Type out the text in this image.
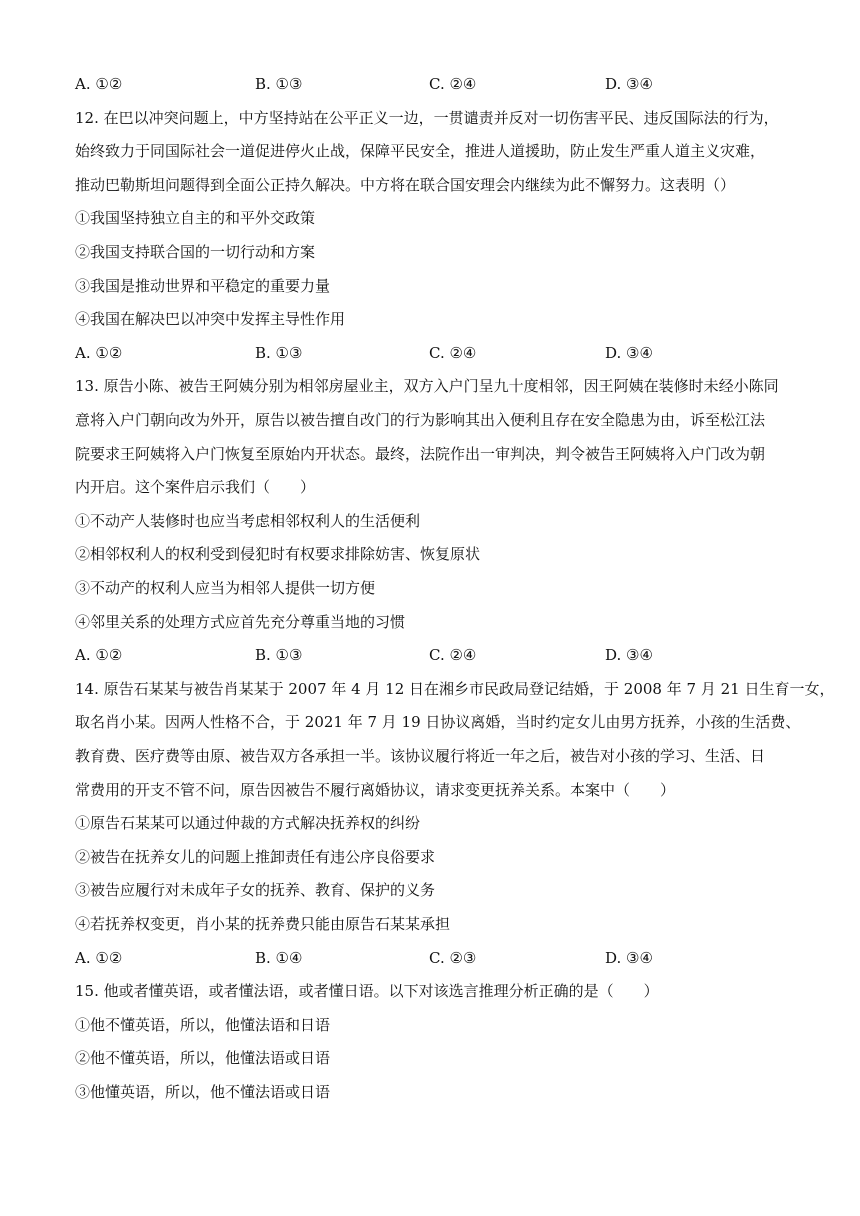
A. ①②	B. ①③	C. ②④	D. ③④
12. 在巴以冲突问题上，中方坚持站在公平正义一边，一贯谴责并反对一切伤害平民、违反国际法的行为，
始终致力于同国际社会一道促进停火止战，保障平民安全，推进人道援助，防止发生严重人道主义灾难，
推动巴勒斯坦问题得到全面公正持久解决。中方将在联合国安理会内继续为此不懈努力。这表明（）
①我国坚持独立自主的和平外交政策
②我国支持联合国的一切行动和方案
③我国是推动世界和平稳定的重要力量
④我国在解决巴以冲突中发挥主导性作用
A. ①②	B. ①③	C. ②④	D. ③④
13. 原告小陈、被告王阿姨分别为相邻房屋业主，双方入户门呈九十度相邻，因王阿姨在装修时未经小陈同
意将入户门朝向改为外开，原告以被告擅自改门的行为影响其出入便利且存在安全隐患为由，诉至松江法
院要求王阿姨将入户门恢复至原始内开状态。最终，法院作出一审判决，判令被告王阿姨将入户门改为朝
内开启。这个案件启示我们（　　）
①不动产人装修时也应当考虑相邻权利人的生活便利
②相邻权利人的权利受到侵犯时有权要求排除妨害、恢复原状
③不动产的权利人应当为相邻人提供一切方便
④邻里关系的处理方式应首先充分尊重当地的习惯
A. ①②	B. ①③	C. ②④	D. ③④
14. 原告石某某与被告肖某某于 2007 年 4 月 12 日在湘乡市民政局登记结婚，于 2008 年 7 月 21 日生育一女，
取名肖小某。因两人性格不合，于 2021 年 7 月 19 日协议离婚，当时约定女儿由男方抚养，小孩的生活费、
教育费、医疗费等由原、被告双方各承担一半。该协议履行将近一年之后，被告对小孩的学习、生活、日
常费用的开支不管不问，原告因被告不履行离婚协议，请求变更抚养关系。本案中（　　）
①原告石某某可以通过仲裁的方式解决抚养权的纠纷
②被告在抚养女儿的问题上推卸责任有违公序良俗要求
③被告应履行对未成年子女的抚养、教育、保护的义务
④若抚养权变更，肖小某的抚养费只能由原告石某某承担
A. ①②	B. ①④	C. ②③	D. ③④
15. 他或者懂英语，或者懂法语，或者懂日语。以下对该选言推理分析正确的是（　　）
①他不懂英语，所以，他懂法语和日语
②他不懂英语，所以，他懂法语或日语
③他懂英语，所以，他不懂法语或日语
